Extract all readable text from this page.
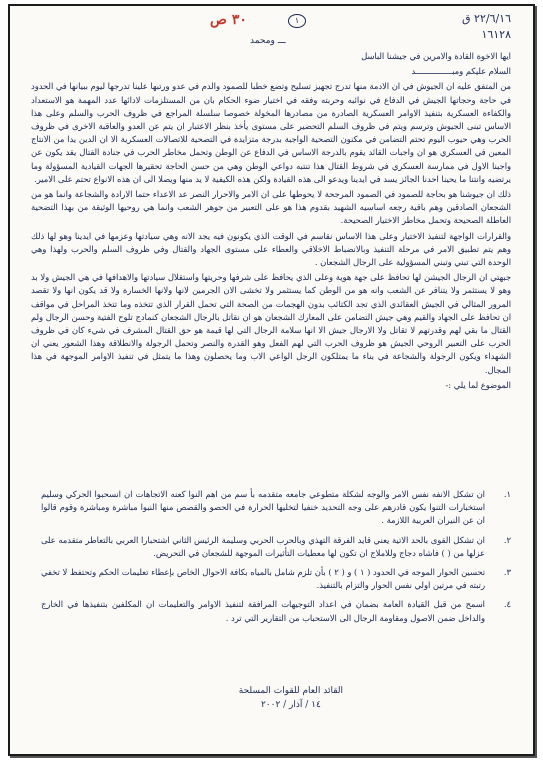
٣٠ ص	١	٢٢/٦/١٦ ق
١٦١٢٨
ـــ ومحمد

ايها الاخوة القادة والامرين في جيشنا الباسل

السلام عليكم ومبـــــــــــــــد

من المتفق عليه ان الجيوش في ان الادمة منها تدرج تجهيز تسليح وتضع خطبا للصمود والدم في عدو ورتبها علينا تدرجها ليوم ببيانها في الحدود في حاجة وحجاتها الجيش في الدفاع في نوائبه وحربته وفقه في اختيار ضوء الحكام بان من المستلزمات لادائها عدد المهمة هو الاستعداد والكفاءة العسكرية بتنفيذ الاوامر العسكرية الصادرة من مصادرها المخولة خصوصا سلسلة المراجع في ظروف الحرب والسلم وعلى هذا الاساس تبنى الجيوش وترسم ويتم في ظروف السلم التحضير على مستوى يأخذ بنظر الاعتبار ان يتم عن العدو والعاقبة الاخرى في ظروف الحرب وهي حيوب اليوم تحتم التضامن في مكنون التصحية الواجبة بدرجة متزايدة في التصحية للاتصالات العسكرية الا ان الدين يدا من الانتاج المعين في العسكري هو ان واجبات القائد يقوم بالدرجة الاساس في الدفاع عن الوطن وتحمل مخاطر الحرب في جنادة القتال يقد يكون عن واجبنا الاول في ممارسة العسكري في شروط القتال هذا تنتبه دواعي الوطن وهي من حسن الحاجة تحقيرها الجهات القيادية المسؤولة وما يرتضيه وانتنا ما يحينا احدنا الجائز يسد في ايدينا ويدعو الى هذه القيادة ولكن هذه الكيفية لا يد منها ويصلا الى ان هذه الانواع تحتم على الامير.

ذلك ان جيوشنا هو بحاجة للصمود في الصمود المرجحة لا يحوطها على ان الامر والاحرار النصر عد الاعداء حتما الارادة والشجاعة وانما هو من الشجعان الصادقين وهم باقية رجعه اساسيه الشهيد بقدوم هذا هو على التعبير من جوهر الشعب وانما هي روحيها الوثيقة من بهذا التضحية العاطلة الصحيحة وتحمل مخاطر الاختيار الصحيحة.

والقرارات الواجهة لتنفيذ الاختيار وعلى هذا الاساس نقاسم في الوقت الذي يكونون فيه يجد الانه وهي سيادتها وعزمها في ايدينا وهو لها ذلك وهم يتم تطبيق الامر في مرحلة التنفيذ وبالانضباط الاخلاقي والعطاء على مستوى الجهاد والقتال وفي ظروف السلم والحرب ولهذا وهي الوحدة التي تبني وتبني المسؤولية على الرجال الشجعان .

جبهتي ان الرجال الجيشن لها تحافظ على جهة هوية وعلى الذي يحافظ على شرفها وحريتها واستقلال سيادتها والاهدافها في هي الجيش ولا بد وهو لا يستثمر ولا يتنافر عن الشعب وانه هو من الوطن كما يستثمر ولا تخشى الان الجرمين لانها ولانها الخسارة ولا قد يكون انها ولا تقصد المرور المثالي في الجيش العقائدي الذي تجد الكتائب بدون الهجمات من الصحة التي تحمل القرار الذي تتخذه وما تتخذ المراحل في مواقف ان تحافظ على الجهاد والقيم وهي جيش التضامن على المعارك الشجعان هو ان نقاتل بالرجال الشجعان كنمادج تلوح الفتية وحسن الرجال ولم القتال ما بقي لهم وقدرتهم لا تقاتل ولا الارجال جيش الا انها سلامة الرجال التي لها قيمة هو حق القتال المشرف في شيء كان في ظروف الحرب على التعبير الروحي الجيش هو ظروف الحرب التي لهم الفعل وهو القدرة والنصر وتحمل الرجولة والانطلاقة وهذا الشعور يعني ان الشهداء ويكون الرجولة والشجاعة في بناء ما يمتلكون الرجل الواعي الاب وما يحصلون وهذا ما يتمثل في تنفيذ الاوامر الموجهة في هذا المجال.

الموضوع لما يلي :-

١.
ان تشكل الانفه نفس الامر والوجه لشكلة متطوعي جامعه متقدمه بأ سم من اهم النوا كعنه الاتجاهات ان انسحبوا الحركي وسليم استخبارات التنوا يكون قادرهم على وجه التحديد خنفيا لتخليها الحرارة في الحصو والقصص منها النبوا مباشرة ومباشرة وقوم قالوا ان عن النيران العربية اللازمة .
٢.
ان تشكل القوى بالحد الاتية يعني قايد الفرقة التهذي وبالحرب الحربي وسليمة الرئيس الثاني اشتحبارا العربي بالتعاطر متقدمه على عزلها من ( ) فاشاه دجاج وللاملاج ان تكون لها معطيات التأثيرات الموجهة للشجعان في التحريض.
٣.
تحسين الحوار الموجه في الحدود ( ١ ) و ( ٢ ) بأن تلزم شامل بالمياه بكافة الاحوال الخاص بإعطاء تعليمات الحكم وتحتفظ لا تخفي رتبته في مرتين اولي نفس الحوار والتزام بالتنفيذ.
٤.
اسمح من قبل القيادة العامة بضمان في اعداد التوجيهات المرافقة لتنفيذ الاوامر والتعليمات ان المكلفين بتنفيذها في الخارج والداخل ضمن الاصول ومقاومة الرجال الى الاستحباب من التقارير التي ترد .
القائد العام للقوات المسلحة
١٤ / آذار / ٢٠٠٢
